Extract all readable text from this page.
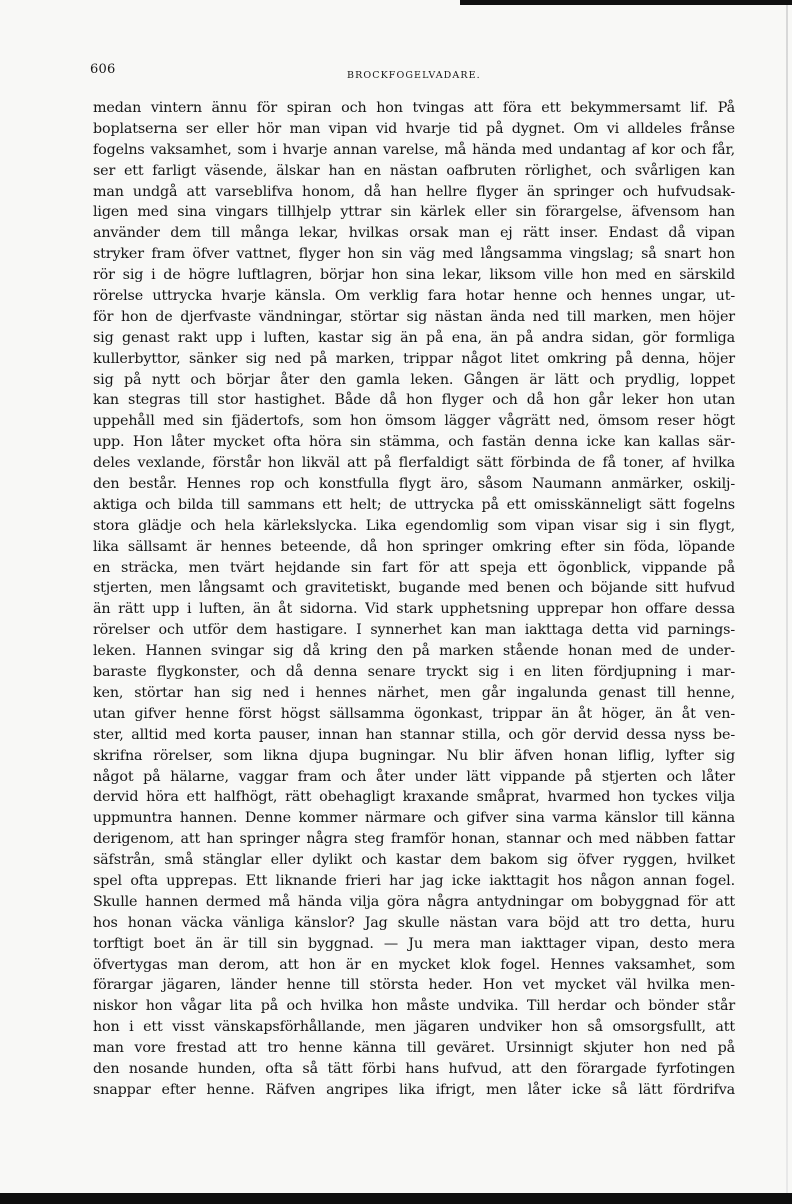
606	BROCKFOGELVADARE.
medan vintern ännu för spiran och hon tvingas att föra ett bekymmersamt lif. På
boplatserna ser eller hör man vipan vid hvarje tid på dygnet. Om vi alldeles frånse
fogelns vaksamhet, som i hvarje annan varelse, må hända med undantag af kor och får,
ser ett farligt väsende, älskar han en nästan oafbruten rörlighet, och svårligen kan
man undgå att varseblifva honom, då han hellre flyger än springer och hufvudsak-
ligen med sina vingars tillhjelp yttrar sin kärlek eller sin förargelse, äfvensom han
använder dem till många lekar, hvilkas orsak man ej rätt inser. Endast då vipan
stryker fram öfver vattnet, flyger hon sin väg med långsamma vingslag; så snart hon
rör sig i de högre luftlagren, börjar hon sina lekar, liksom ville hon med en särskild
rörelse uttrycka hvarje känsla. Om verklig fara hotar henne och hennes ungar, ut-
för hon de djerfvaste vändningar, störtar sig nästan ända ned till marken, men höjer
sig genast rakt upp i luften, kastar sig än på ena, än på andra sidan, gör formliga
kullerbyttor, sänker sig ned på marken, trippar något litet omkring på denna, höjer
sig på nytt och börjar åter den gamla leken. Gången är lätt och prydlig, loppet
kan stegras till stor hastighet. Både då hon flyger och då hon går leker hon utan
uppehåll med sin fjädertofs, som hon ömsom lägger vågrätt ned, ömsom reser högt
upp. Hon låter mycket ofta höra sin stämma, och fastän denna icke kan kallas sär-
deles vexlande, förstår hon likväl att på flerfaldigt sätt förbinda de få toner, af hvilka
den består. Hennes rop och konstfulla flygt äro, såsom Naumann anmärker, oskilj-
aktiga och bilda till sammans ett helt; de uttrycka på ett omisskänneligt sätt fogelns
stora glädje och hela kärlekslycka. Lika egendomlig som vipan visar sig i sin flygt,
lika sällsamt är hennes beteende, då hon springer omkring efter sin föda, löpande
en sträcka, men tvärt hejdande sin fart för att speja ett ögonblick, vippande på
stjerten, men långsamt och gravitetiskt, bugande med benen och böjande sitt hufvud
än rätt upp i luften, än åt sidorna. Vid stark upphetsning upprepar hon offare dessa
rörelser och utför dem hastigare. I synnerhet kan man iakttaga detta vid parnings-
leken. Hannen svingar sig då kring den på marken stående honan med de under-
baraste flygkonster, och då denna senare tryckt sig i en liten fördjupning i mar-
ken, störtar han sig ned i hennes närhet, men går ingalunda genast till henne,
utan gifver henne först högst sällsamma ögonkast, trippar än åt höger, än åt ven-
ster, alltid med korta pauser, innan han stannar stilla, och gör dervid dessa nyss be-
skrifna rörelser, som likna djupa bugningar. Nu blir äfven honan liflig, lyfter sig
något på hälarne, vaggar fram och åter under lätt vippande på stjerten och låter
dervid höra ett halfhögt, rätt obehagligt kraxande småprat, hvarmed hon tyckes vilja
uppmuntra hannen. Denne kommer närmare och gifver sina varma känslor till känna
derigenom, att han springer några steg framför honan, stannar och med näbben fattar
säfstrån, små stänglar eller dylikt och kastar dem bakom sig öfver ryggen, hvilket
spel ofta upprepas. Ett liknande frieri har jag icke iakttagit hos någon annan fogel.
Skulle hannen dermed må hända vilja göra några antydningar om bobyggnad för att
hos honan väcka vänliga känslor? Jag skulle nästan vara böjd att tro detta, huru
torftigt boet än är till sin byggnad. — Ju mera man iakttager vipan, desto mera
öfvertygas man derom, att hon är en mycket klok fogel. Hennes vaksamhet, som
förargar jägaren, länder henne till största heder. Hon vet mycket väl hvilka men-
niskor hon vågar lita på och hvilka hon måste undvika. Till herdar och bönder står
hon i ett visst vänskapsförhållande, men jägaren undviker hon så omsorgsfullt, att
man vore frestad att tro henne känna till geväret. Ursinnigt skjuter hon ned på
den nosande hunden, ofta så tätt förbi hans hufvud, att den förargade fyrfotingen
snappar efter henne. Räfven angripes lika ifrigt, men låter icke så lätt fördrifva
